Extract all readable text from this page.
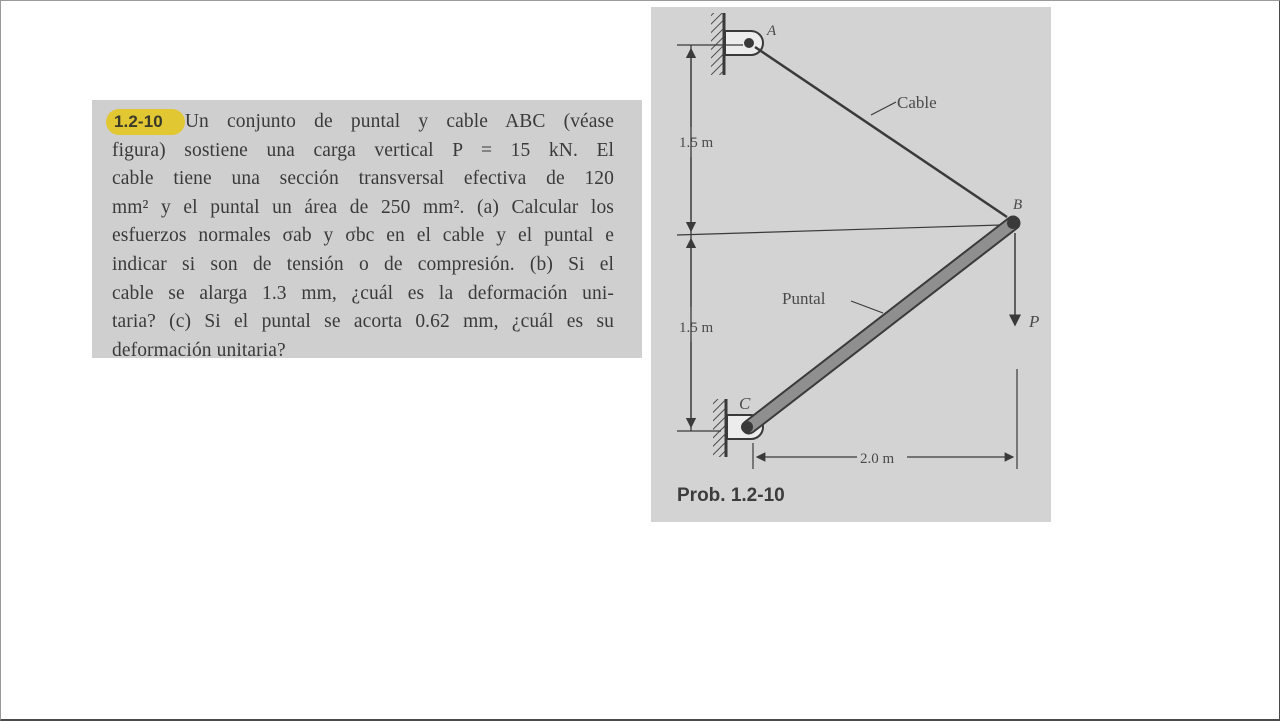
1.2-10 Un conjunto de puntal y cable ABC (véase
figura) sostiene una carga vertical P = 15 kN. El
cable tiene una sección transversal efectiva de 120
mm² y el puntal un área de 250 mm². (a) Calcular los
esfuerzos normales σab y σbc en el cable y el puntal e
indicar si son de tensión o de compresión. (b) Si el
cable se alarga 1.3 mm, ¿cuál es la deformación uni-
taria? (c) Si el puntal se acorta 0.62 mm, ¿cuál es su
deformación unitaria?

A
B
C
P
Cable
Puntal
1.5 m
1.5 m
2.0 m
Prob. 1.2-10
